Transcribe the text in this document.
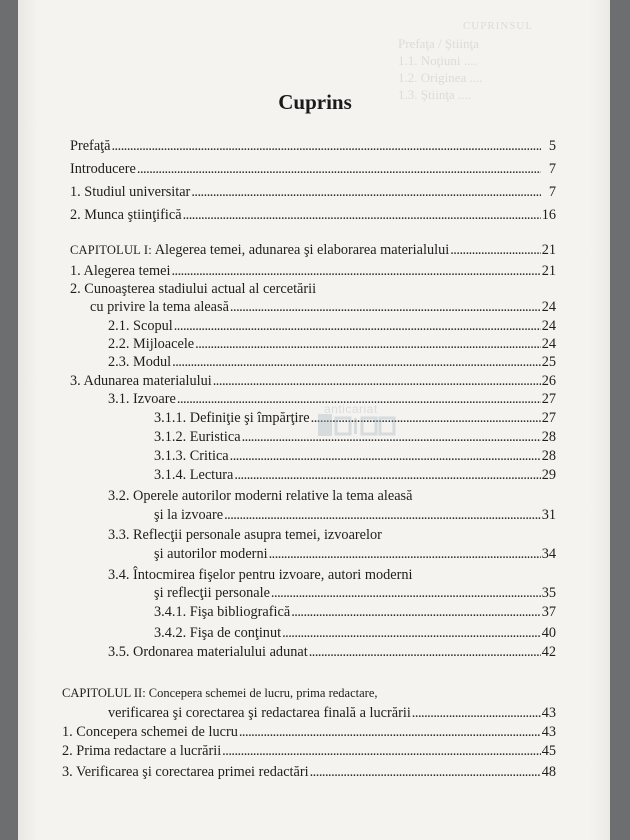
CUPRINSUL
Prefaţa / Ştiinţa
1.1. Noţiuni ....
1.2. Originea ....
1.3. Ştiinţa ....
Cuprins
Prefaţă .....	5
Introducere .....	7
1. Studiul universitar .....	7
2. Munca ştiinţifică .....	16
CAPITOLUL I: Alegerea temei, adunarea şi elaborarea materialului .....	21
1. Alegerea temei .....	21
2. Cunoaşterea stadiului actual al cercetării
cu privire la tema aleasă .....	24
2.1. Scopul .....	24
2.2. Mijloacele .....	24
2.3. Modul .....	25
3. Adunarea materialului .....	26
3.1. Izvoare .....	27
3.1.1. Definiţie şi împărţire .....	27
3.1.2. Euristica .....	28
3.1.3. Critica .....	28
3.1.4. Lectura .....	29
3.2. Operele autorilor moderni relative la tema aleasă
şi la izvoare .....	31
3.3. Reflecţii personale asupra temei, izvoarelor
şi autorilor moderni .....	34
3.4. Întocmirea fişelor pentru izvoare, autori moderni
şi reflecţii personale .....	35
3.4.1. Fişa bibliografică .....	37
3.4.2. Fişa de conţinut .....	40
3.5. Ordonarea materialului adunat .....	42
CAPITOLUL II: Concepera schemei de lucru, prima redactare,
verificarea şi corectarea şi redactarea finală a lucrării .....	43
1. Concepera schemei de lucru .....	43
2. Prima redactare a lucrării .....	45
3. Verificarea şi corectarea primei redactări .....	48
anticariat
